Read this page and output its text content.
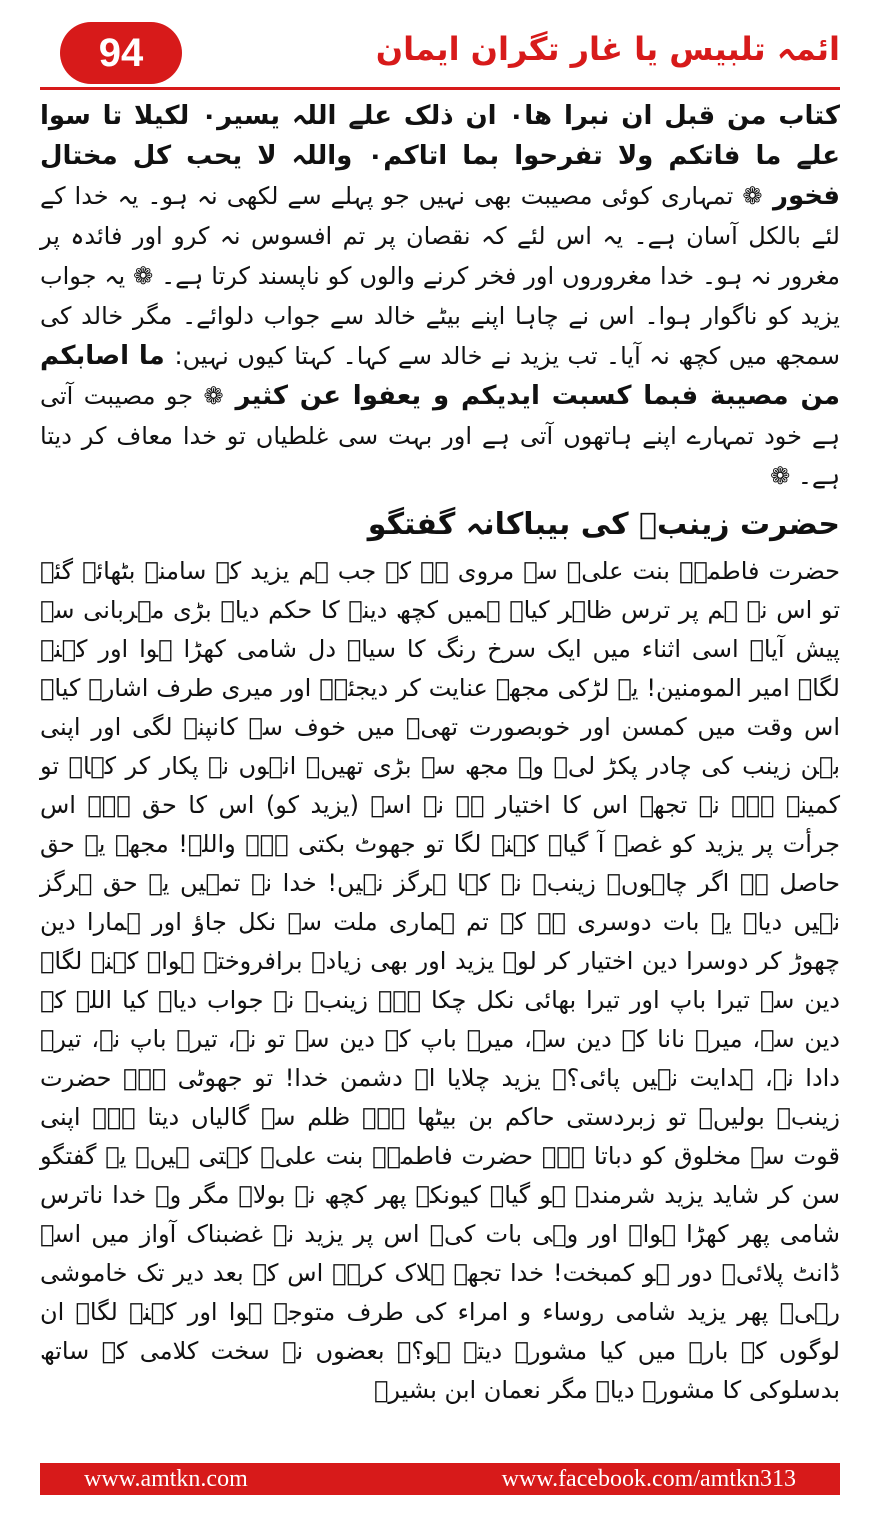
94	ائمہ تلبیس یا غار تگران ایمان

کتاب من قبل ان نبرا ھا۰ ان ذلک علے اللہ یسیر۰ لکیلا تا سوا علے ما فاتکم ولا تفرحوا بما اتاکم۰ واللہ لا یحب کل مختال فخور ❁ تمہاری کوئی مصیبت بھی نہیں جو پہلے سے لکھی نہ ہو۔ یہ خدا کے لئے بالکل آسان ہے۔ یہ اس لئے کہ نقصان پر تم افسوس نہ کرو اور فائدہ پر مغرور نہ ہو۔ خدا مغروروں اور فخر کرنے والوں کو ناپسند کرتا ہے۔ ❁ یہ جواب یزید کو ناگوار ہوا۔ اس نے چاہا اپنے بیٹے خالد سے جواب دلوائے۔ مگر خالد کی سمجھ میں کچھ نہ آیا۔ تب یزید نے خالد سے کہا۔ کہتا کیوں نہیں: ما اصابکم من مصیبة فبما کسبت ایدیکم و یعفوا عن کثیر ❁ جو مصیبت آتی ہے خود تمہارے اپنے ہاتھوں آتی ہے اور بہت سی غلطیاں تو خدا معاف کر دیتا ہے۔ ❁

حضرت زینبؑ کی بیباکانہ گفتگو

حضرت فاطمہؑ بنت علیؑ سے مروی ہے کہ جب ہم یزید کے سامنے بٹھائے گئے تو اس نے ہم پر ترس ظاہر کیا۔ ہمیں کچھ دینے کا حکم دیا۔ بڑی مہربانی سے پیش آیا۔ اسی اثناء میں ایک سرخ رنگ کا سیاہ دل شامی کھڑا ہوا اور کہنے لگا۔ امیر المومنین! یہ لڑکی مجھے عنایت کر دیجئے۔ اور میری طرف اشارہ کیا۔ اس وقت میں کمسن اور خوبصورت تھی۔ میں خوف سے کانپنے لگی اور اپنی بہن زینب کی چادر پکڑ لی۔ وہ مجھ سے بڑی تھیں۔ انہوں نے پکار کر کہا۔ تو کمینہ ہے۔ نہ تجھے اس کا اختیار ہے نہ اسے (یزید کو) اس کا حق ہے۔ اس جرأت پر یزید کو غصہ آ گیا۔ کہنے لگا تو جھوٹ بکتی ہے۔ واللہ! مجھے یہ حق حاصل ہے اگر چاہوں۔ زینبؑ نے کہا ہرگز نہیں! خدا نے تمہیں یہ حق ہرگز نہیں دیا۔ یہ بات دوسری ہے کہ تم ہماری ملت سے نکل جاؤ اور ہمارا دین چھوڑ کر دوسرا دین اختیار کر لو۔ یزید اور بھی زیادہ برافروختہ ہوا۔ کہنے لگا۔ دین سے تیرا باپ اور تیرا بھائی نکل چکا ہے۔ زینبؑ نے جواب دیا۔ کیا اللہ کے دین سے، میرے نانا کے دین سے، میرے باپ کے دین سے تو نے، تیرے باپ نے، تیرے دادا نے، ہدایت نہیں پائی؟۔ یزید چلایا اے دشمن خدا! تو جھوٹی ہے۔ حضرت زینبؑ بولیں۔ تو زبردستی حاکم بن بیٹھا ہے۔ ظلم سے گالیاں دیتا ہے۔ اپنی قوت سے مخلوق کو دباتا ہے۔ حضرت فاطمہؑ بنت علیؑ کہتی ہیں۔ یہ گفتگو سن کر شاید یزید شرمندہ ہو گیا۔ کیونکہ پھر کچھ نہ بولا۔ مگر وہ خدا ناترس شامی پھر کھڑا ہوا۔ اور وہی بات کی۔ اس پر یزید نے غضبناک آواز میں اسے ڈانٹ پلائی۔ دور ہو کمبخت! خدا تجھے ہلاک کرے۔ اس کے بعد دیر تک خاموشی رہی۔ پھر یزید شامی روساء و امراء کی طرف متوجہ ہوا اور کہنے لگا۔ ان لوگوں کے بارے میں کیا مشورہ دیتے ہو؟۔ بعضوں نے سخت کلامی کے ساتھ بدسلوکی کا مشورہ دیا۔ مگر نعمان ابن بشیرؓ

www.amtkn.com	www.facebook.com/amtkn313
